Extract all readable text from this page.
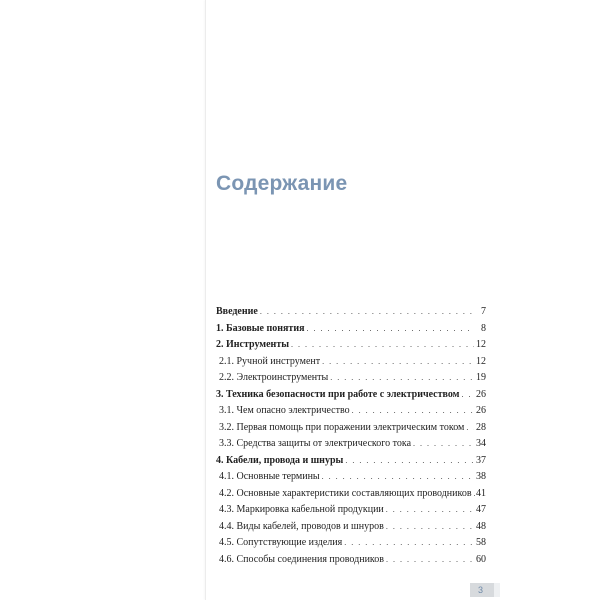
Содержание
Введение . . .	7
1. Базовые понятия . . .	8
2. Инструменты . . .	12
2.1. Ручной инструмент . . .	12
2.2. Электроинструменты . . .	19
3. Техника безопасности при работе с электричеством . . . 26
3.1. Чем опасно электричество . . .	26
3.2. Первая помощь при поражении электрическим током . . . 28
3.3. Средства защиты от электрического тока . . .	34
4. Кабели, провода и шнуры . . .	37
4.1. Основные термины . . .	38
4.2. Основные характеристики составляющих проводников . . . 41
4.3. Маркировка кабельной продукции . . .	47
4.4. Виды кабелей, проводов и шнуров . . .	48
4.5. Сопутствующие изделия . . .	58
4.6. Способы соединения проводников . . .	60
3
